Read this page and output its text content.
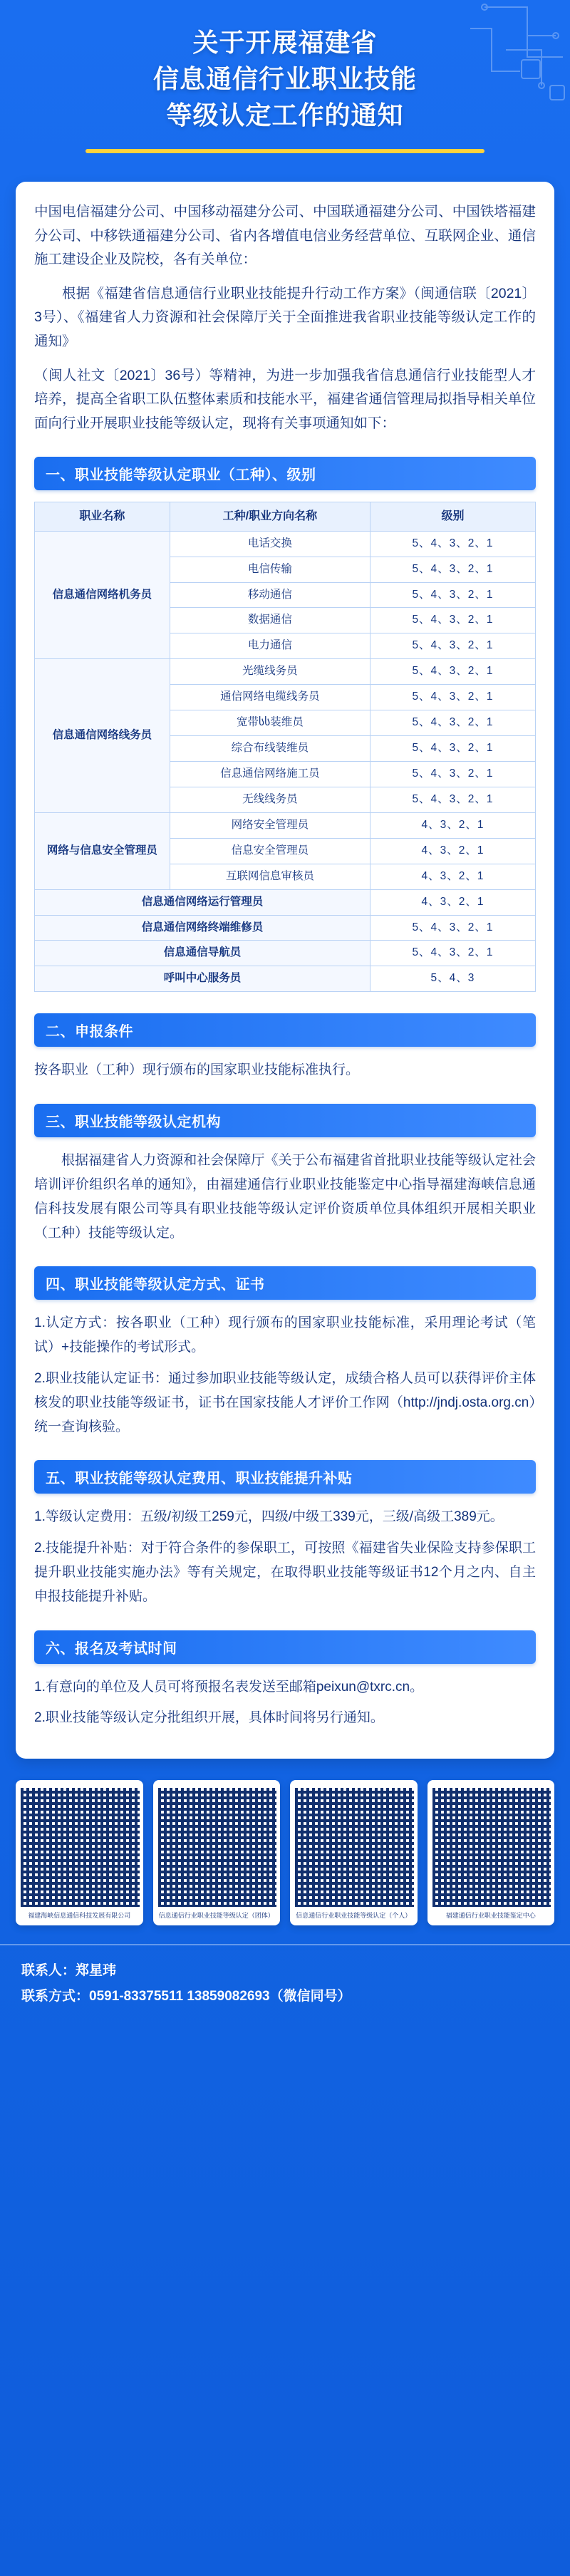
关于开展福建省
信息通信行业职业技能
等级认定工作的通知

中国电信福建分公司、中国移动福建分公司、中国联通福建分公司、中国铁塔福建分公司、中移铁通福建分公司、省内各增值电信业务经营单位、互联网企业、通信施工建设企业及院校，各有关单位：

根据《福建省信息通信行业职业技能提升行动工作方案》（闽通信联〔2021〕3号）、《福建省人力资源和社会保障厅关于全面推进我省职业技能等级认定工作的通知》

（闽人社文〔2021〕36号）等精神，为进一步加强我省信息通信行业技能型人才培养，提高全省职工队伍整体素质和技能水平，福建省通信管理局拟指导相关单位面向行业开展职业技能等级认定，现将有关事项通知如下：

一、职业技能等级认定职业（工种）、级别
职业名称	工种/职业方向名称	级别
信息通信网络机务员	电话交换	5、4、3、2、1
	电信传输	5、4、3、2、1
	移动通信	5、4、3、2、1
	数据通信	5、4、3、2、1
	电力通信	5、4、3、2、1
信息通信网络线务员	光缆线务员	5、4、3、2、1
	通信网络电缆线务员	5、4、3、2、1
	宽带სს装维员	5、4、3、2、1
	综合布线装维员	5、4、3、2、1
	信息通信网络施工员	5、4、3、2、1
	无线线务员	5、4、3、2、1
网络与信息安全管理员	网络安全管理员	4、3、2、1
	信息安全管理员	4、3、2、1
	互联网信息审核员	4、3、2、1
信息通信网络运行管理员		4、3、2、1
信息通信网络终端维修员		5、4、3、2、1
信息通信导航员		5、4、3、2、1
呼叫中心服务员		5、4、3
二、申报条件

按各职业（工种）现行颁布的国家职业技能标准执行。

三、职业技能等级认定机构

根据福建省人力资源和社会保障厅《关于公布福建省首批职业技能等级认定社会培训评价组织名单的通知》，由福建通信行业职业技能鉴定中心指导福建海峡信息通信科技发展有限公司等具有职业技能等级认定评价资质单位具体组织开展相关职业（工种）技能等级认定。

四、职业技能等级认定方式、证书

1.认定方式：按各职业（工种）现行颁布的国家职业技能标准，采用理论考试（笔试）+技能操作的考试形式。

2.职业技能认定证书：通过参加职业技能等级认定，成绩合格人员可以获得评价主体核发的职业技能等级证书，证书在国家技能人才评价工作网（http://jndj.osta.org.cn）统一查询核验。

五、职业技能等级认定费用、职业技能提升补贴

1.等级认定费用：五级/初级工259元，四级/中级工339元，三级/高级工389元。

2.技能提升补贴：对于符合条件的参保职工，可按照《福建省失业保险支持参保职工提升职业技能实施办法》等有关规定，在取得职业技能等级证书12个月之内、自主申报技能提升补贴。

六、报名及考试时间

1.有意向的单位及人员可将预报名表发送至邮箱peixun@txrc.cn。

2.职业技能等级认定分批组织开展，具体时间将另行通知。

福建海峡信息通信科技发展有限公司	信息通信行业职业技能等级认定（团体）	信息通信行业职业技能等级认定（个人）	福建通信行业职业技能鉴定中心
联系人：郑星玮
联系方式：0591-83375511 13859082693（微信同号）
